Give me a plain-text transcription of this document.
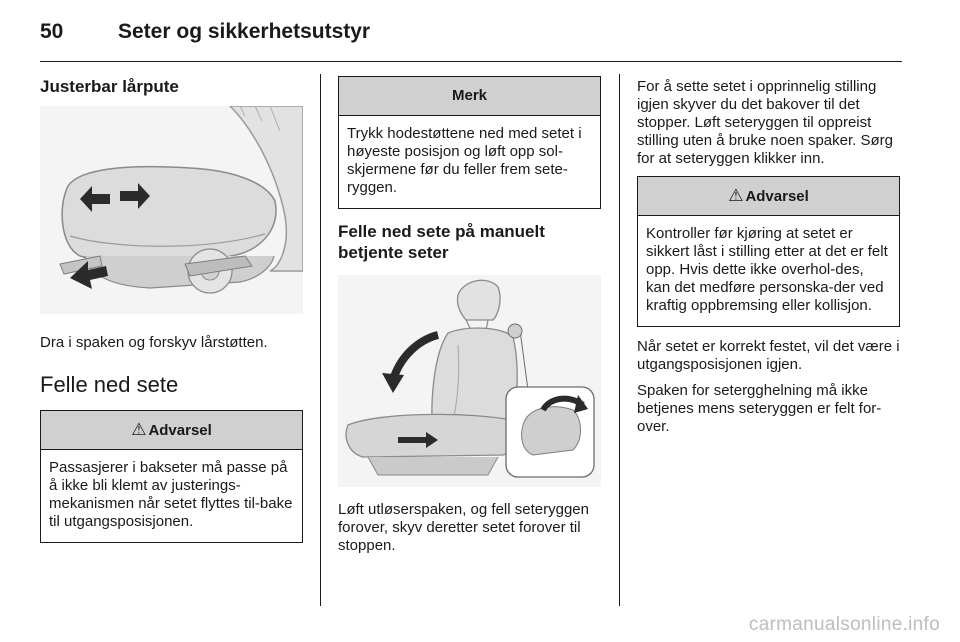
50	Seter og sikkerhetsutstyr
Justerbar lårpute

Dra i spaken og forskyv lårstøtten.

Felle ned sete
⚠ Advarsel
Passasjerer i bakseter må passe på å ikke bli klemt av justerings-mekanismen når setet flyttes til-bake til utgangsposisjonen.
Merk
Trykk hodestøttene ned med setet i høyeste posisjon og løft opp sol-skjermene før du feller frem sete-ryggen.
Felle ned sete på manuelt betjente seter

Løft utløserspaken, og fell seteryggen forover, skyv deretter setet forover til stoppen.

For å sette setet i opprinnelig stilling igjen skyver du det bakover til det stopper. Løft seteryggen til oppreist stilling uten å bruke noen spaker. Sørg for at seteryggen klikker inn.

⚠ Advarsel
Kontroller før kjøring at setet er sikkert låst i stilling etter at det er felt opp. Hvis dette ikke overhol-des, kan det medføre personska-der ved kraftig oppbremsing eller kollisjon.

Når setet er korrekt festet, vil det være i utgangsposisjonen igjen.

Spaken for setergghelning må ikke betjenes mens seteryggen er felt for-over.

carmanualsonline.info
